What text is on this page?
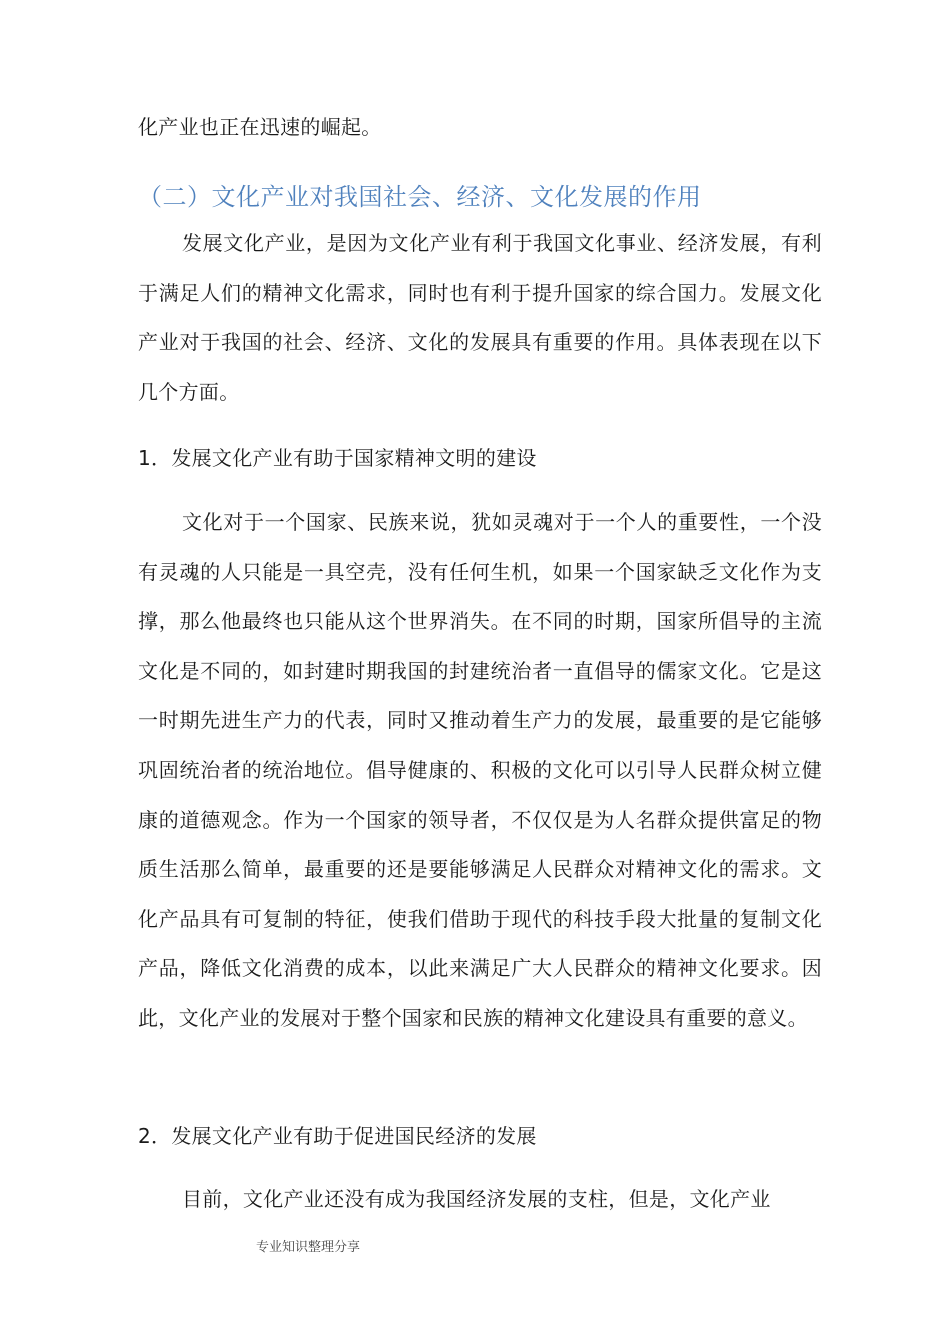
化产业也正在迅速的崛起。

（二）文化产业对我国社会、经济、文化发展的作用

发展文化产业，是因为文化产业有利于我国文化事业、经济发展，有利于满足人们的精神文化需求，同时也有利于提升国家的综合国力。发展文化产业对于我国的社会、经济、文化的发展具有重要的作用。具体表现在以下几个方面。

1．发展文化产业有助于国家精神文明的建设

文化对于一个国家、民族来说，犹如灵魂对于一个人的重要性，一个没有灵魂的人只能是一具空壳，没有任何生机，如果一个国家缺乏文化作为支撑，那么他最终也只能从这个世界消失。在不同的时期，国家所倡导的主流文化是不同的，如封建时期我国的封建统治者一直倡导的儒家文化。它是这一时期先进生产力的代表，同时又推动着生产力的发展，最重要的是它能够巩固统治者的统治地位。倡导健康的、积极的文化可以引导人民群众树立健康的道德观念。作为一个国家的领导者，不仅仅是为人名群众提供富足的物质生活那么简单，最重要的还是要能够满足人民群众对精神文化的需求。文化产品具有可复制的特征，使我们借助于现代的科技手段大批量的复制文化产品，降低文化消费的成本，以此来满足广大人民群众的精神文化要求。因此，文化产业的发展对于整个国家和民族的精神文化建设具有重要的意义。

2．发展文化产业有助于促进国民经济的发展

目前，文化产业还没有成为我国经济发展的支柱，但是，文化产业

专业知识整理分享
